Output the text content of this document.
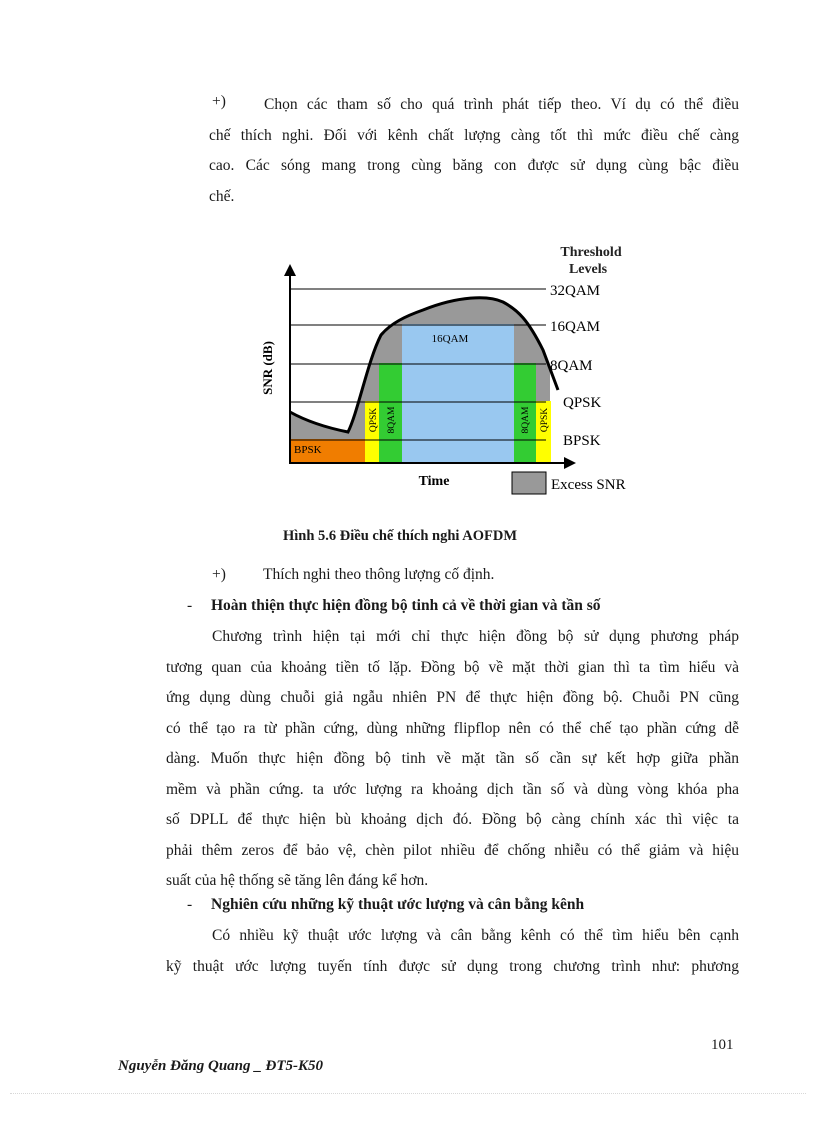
+)	Chọn các tham số cho quá trình phát tiếp theo. Ví dụ có thể điều
chế thích nghi. Đối với kênh chất lượng càng tốt thì mức điều chế càng
cao. Các sóng mang trong cùng băng con được sử dụng cùng bậc điều
chế.
SNR (dB)
Time
Threshold
Levels
32QAM
16QAM
8QAM
QPSK
BPSK
16QAM
BPSK
QPSK 8QAM	8QAM QPSK
Excess SNR
Hình 5.6 Điều chế thích nghi AOFDM
+) Thích nghi theo thông lượng cố định.
- Hoàn thiện thực hiện đồng bộ tinh cả về thời gian và tần số
Chương trình hiện tại mới chỉ thực hiện đồng bộ sử dụng phương pháp
tương quan của khoảng tiền tố lặp. Đồng bộ về mặt thời gian thì ta tìm hiểu và
ứng dụng dùng chuỗi giả ngẫu nhiên PN để thực hiện đồng bộ. Chuỗi PN cũng
có thể tạo ra từ phần cứng, dùng những flipflop nên có thể chế tạo phần cứng dễ
dàng. Muốn thực hiện đồng bộ tinh về mặt tần số cần sự kết hợp giữa phần
mềm và phần cứng. ta ước lượng ra khoảng dịch tần số và dùng vòng khóa pha
số DPLL để thực hiện bù khoảng dịch đó. Đồng bộ càng chính xác thì việc ta
phải thêm zeros để bảo vệ, chèn pilot nhiều để chống nhiễu có thể giảm và hiệu
suất của hệ thống sẽ tăng lên đáng kể hơn.
- Nghiên cứu những kỹ thuật ước lượng và cân bằng kênh
Có nhiều kỹ thuật ước lượng và cân bằng kênh có thể tìm hiểu bên cạnh
kỹ thuật ước lượng tuyến tính được sử dụng trong chương trình như: phương
101
Nguyễn Đăng Quang _ ĐT5-K50
